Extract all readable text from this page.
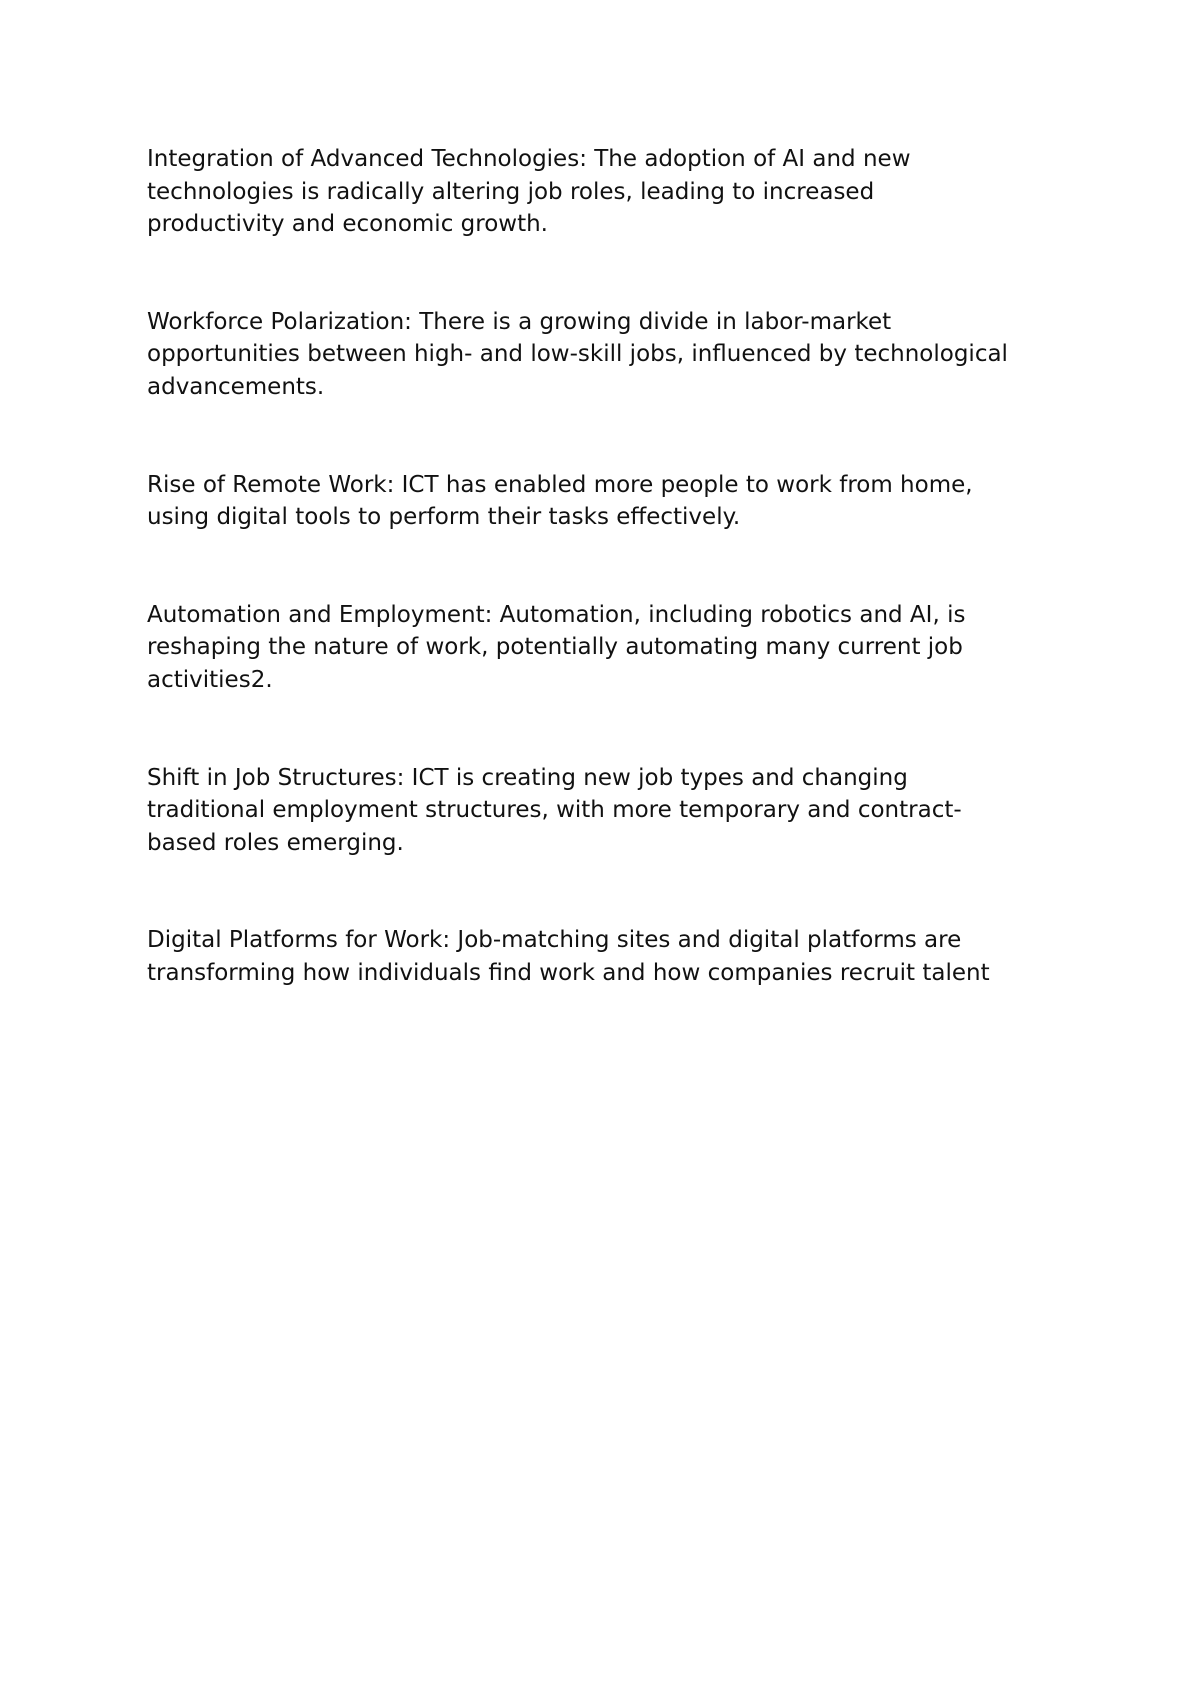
Integration of Advanced Technologies: The adoption of AI and new
technologies is radically altering job roles, leading to increased
productivity and economic growth.

Workforce Polarization: There is a growing divide in labor-market
opportunities between high- and low-skill jobs, influenced by technological
advancements.

Rise of Remote Work: ICT has enabled more people to work from home,
using digital tools to perform their tasks effectively.

Automation and Employment: Automation, including robotics and AI, is
reshaping the nature of work, potentially automating many current job
activities2.

Shift in Job Structures: ICT is creating new job types and changing
traditional employment structures, with more temporary and contract-
based roles emerging.

Digital Platforms for Work: Job-matching sites and digital platforms are
transforming how individuals find work and how companies recruit talent
